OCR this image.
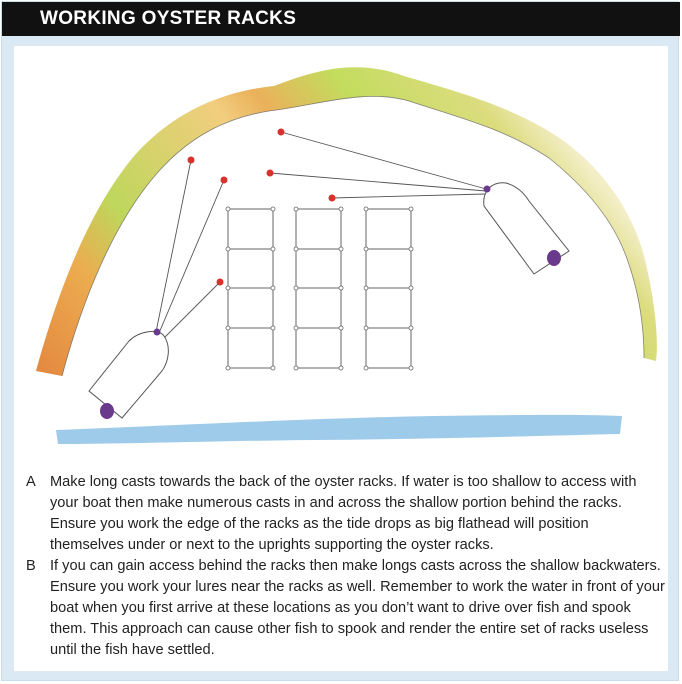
WORKING OYSTER RACKS
A Make long casts towards the back of the oyster racks. If water is too shallow to access with your boat then make numerous casts in and across the shallow portion behind the racks. Ensure you work the edge of the racks as the tide drops as big flathead will position themselves under or next to the uprights supporting the oyster racks.
B If you can gain access behind the racks then make longs casts across the shallow backwaters. Ensure you work your lures near the racks as well. Remember to work the water in front of your boat when you first arrive at these locations as you don’t want to drive over fish and spook them. This approach can cause other fish to spook and render the entire set of racks useless until the fish have settled.
